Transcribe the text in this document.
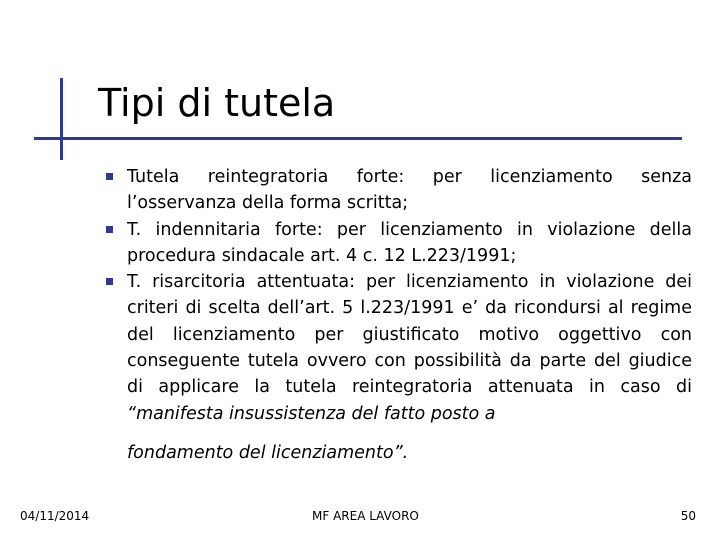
Tipi di tutela
Tutela reintegratoria forte: per licenziamento senza l’osservanza della forma scritta;
T. indennitaria forte: per licenziamento in violazione della procedura sindacale art. 4 c. 12 L.223/1991;
T. risarcitoria attentuata: per licenziamento in violazione dei criteri di scelta dell’art. 5 l.223/1991 e’ da ricondursi al regime del licenziamento per giustificato motivo oggettivo con conseguente tutela ovvero con possibilità da parte del giudice di applicare la tutela reintegratoria attenuata in caso di “manifesta insussistenza del fatto posto a
fondamento del licenziamento”.
04/11/2014	MF AREA LAVORO	50
